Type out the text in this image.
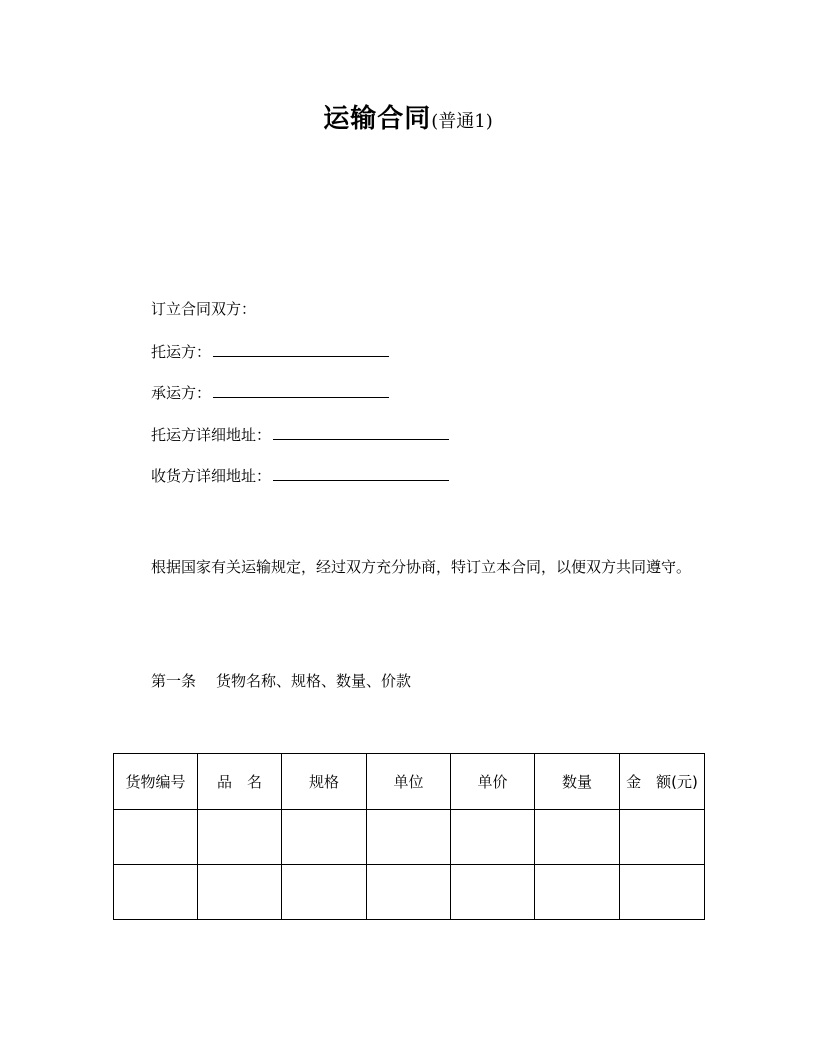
运输合同(普通1)
订立合同双方：
托运方：
承运方：
托运方详细地址：
收货方详细地址：
根据国家有关运输规定，经过双方充分协商，特订立本合同，以便双方共同遵守。
第一条 货物名称、规格、数量、价款
货物编号	品　名	规格	单位	单价	数量	金　额(元)
